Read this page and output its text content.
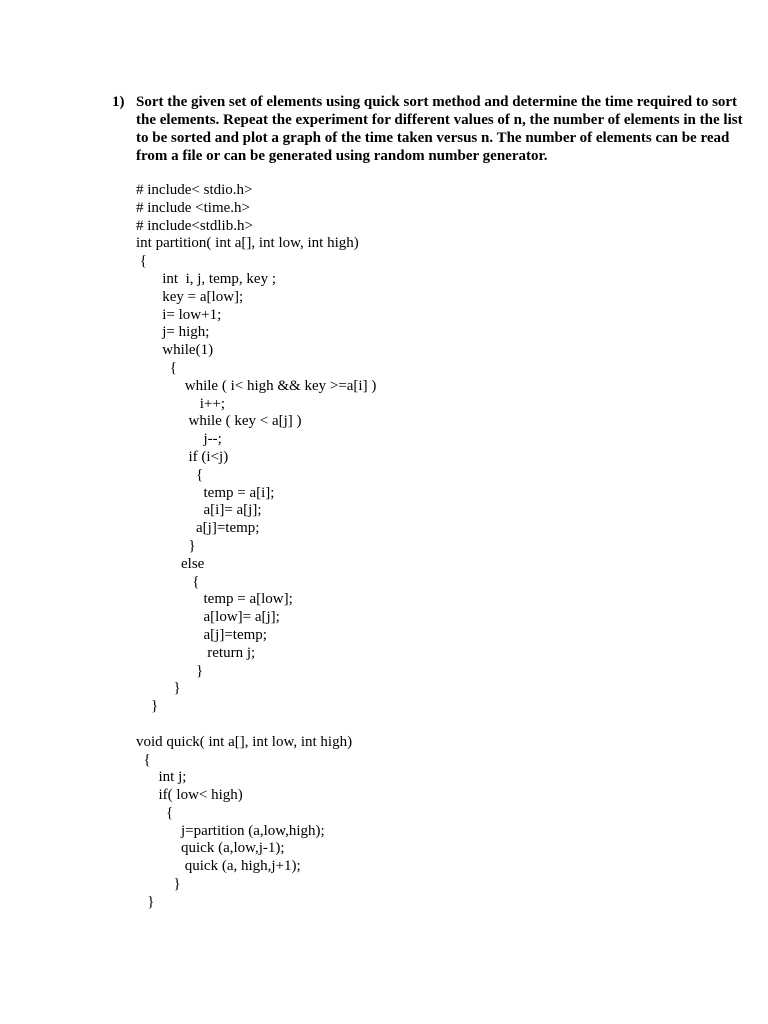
1) Sort the given set of elements using quick sort method and determine the time required to sort
the elements. Repeat the experiment for different values of n, the number of elements in the list
to be sorted and plot a graph of the time taken versus n. The number of elements can be read
from a file or can be generated using random number generator.
# include< stdio.h>
# include <time.h>
# include<stdlib.h>
int partition( int a[], int low, int high)
{
int  i, j, temp, key ;
key = a[low];
i= low+1;
j= high;
while(1)
{
while ( i< high && key >=a[i] )
i++;
while ( key < a[j] )
j--;
if (i<j)
{
temp = a[i];
a[i]= a[j];
a[j]=temp;
}
else
{
temp = a[low];
a[low]= a[j];
a[j]=temp;
return j;
}
}
}
void quick( int a[], int low, int high)
{
int j;
if( low< high)
{
j=partition (a,low,high);
quick (a,low,j-1);
quick (a, high,j+1);
}
}
